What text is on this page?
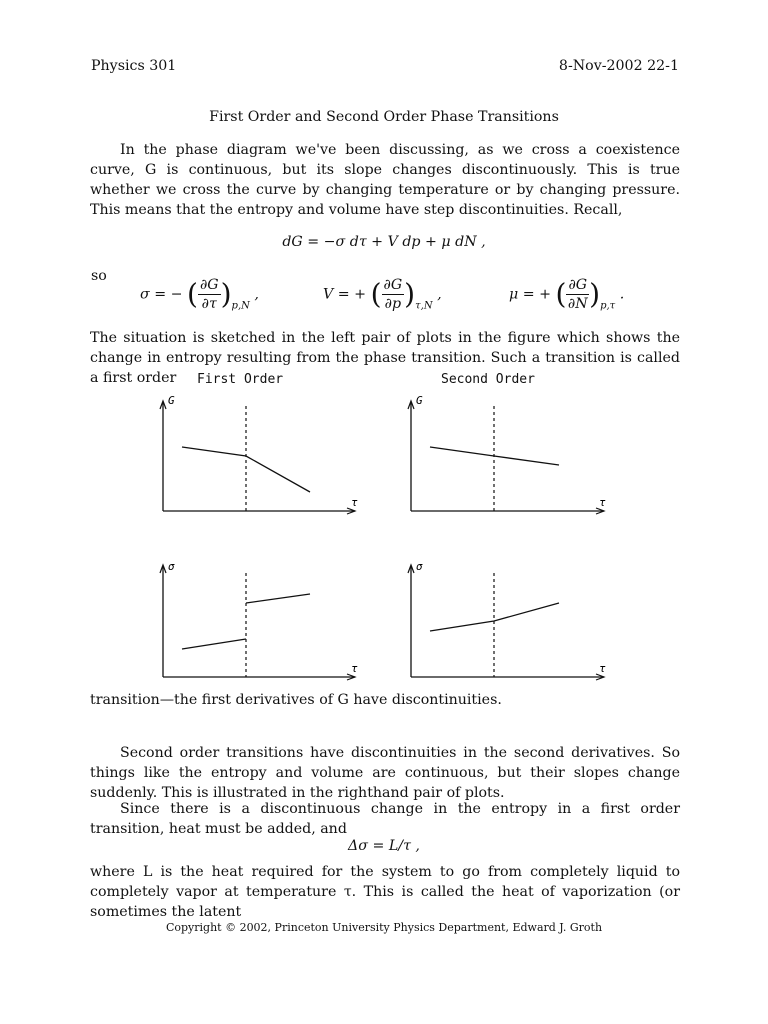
Physics 301	8-Nov-2002 22-1
First Order and Second Order Phase Transitions
In the phase diagram we've been discussing, as we cross a coexistence curve, G is continuous, but its slope changes discontinuously. This is true whether we cross the curve by changing temperature or by changing pressure. This means that the entropy and volume have step discontinuities. Recall,
dG = −σ dτ + V dp + μ dN ,
so
σ = − ( $\frac{\partial G}{\partial\tau} )_{p,N}$ ,	V = + ( $\frac{\partial G}{\partial p} )_{\tau,N}$ ,	μ = + ( $\frac{\partial G}{\partial N} )_{p,\tau}$ .
The situation is sketched in the left pair of plots in the figure which shows the change in entropy resulting from the phase transition. Such a transition is called a first order	First Order	Second Order
G
τ
G
τ
σ
τ
σ
τ
transition—the first derivatives of G have discontinuities.
Second order transitions have discontinuities in the second derivatives. So things like the entropy and volume are continuous, but their slopes change suddenly. This is illustrated in the righthand pair of plots.
Since there is a discontinuous change in the entropy in a first order transition, heat must be added, and
Δσ = L/τ ,
where L is the heat required for the system to go from completely liquid to completely vapor at temperature τ. This is called the heat of vaporization (or sometimes the latent
Copyright © 2002, Princeton University Physics Department, Edward J. Groth
